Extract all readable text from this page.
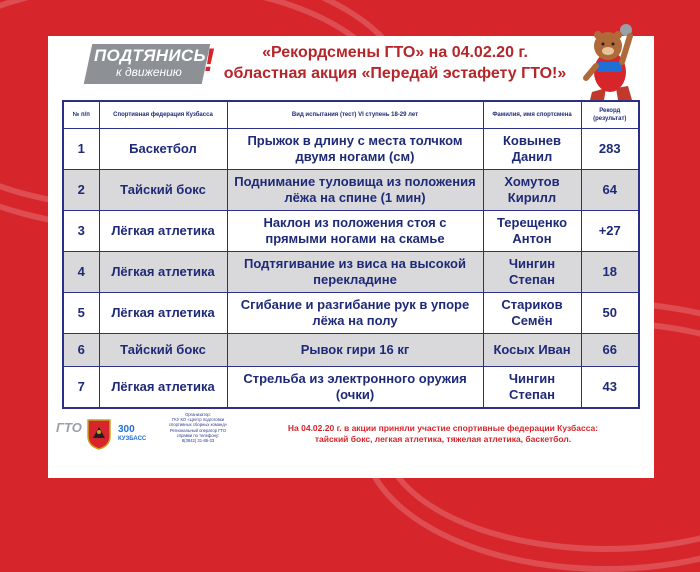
ПОДТЯНИСЬ
к движению !	«Рекордсмены ГТО» на 04.02.20 г.
областная акция «Передай эстафету ГТО!»
№ п/п	Спортивная федерация Кузбасса	Вид испытания (тест) VI ступень 18-29 лет	Фамилия, имя спортсмена	Рекорд (результат)
1	Баскетбол	Прыжок в длину с места толчком двумя ногами (см)	Ковынев Данил	283
2	Тайский бокс	Поднимание туловища из положения лёжа на спине (1 мин)	Хомутов Кирилл	64
3	Лёгкая атлетика	Наклон из положения стоя с прямыми ногами на скамье	Терещенко Антон	+27
4	Лёгкая атлетика	Подтягивание из виса на высокой перекладине	Чингин Степан	18
5	Лёгкая атлетика	Сгибание и разгибание рук в упоре лёжа на полу	Стариков Семён	50
6	Тайский бокс	Рывок гири 16 кг	Косых Иван	66
7	Лёгкая атлетика	Стрельба из электронного оружия (очки)	Чингин Степан	43
ГТО	300
КУЗБАСС
Организатор:
ГКУ КО «Центр подготовки
спортивных сборных команд»
Региональный оператор ГТО
справки по телефону:
8(3842) 31-86-33
На 04.02.20 г. в акции приняли участие спортивные федерации Кузбасса:
тайский бокс, легкая атлетика, тяжелая атлетика, баскетбол.
